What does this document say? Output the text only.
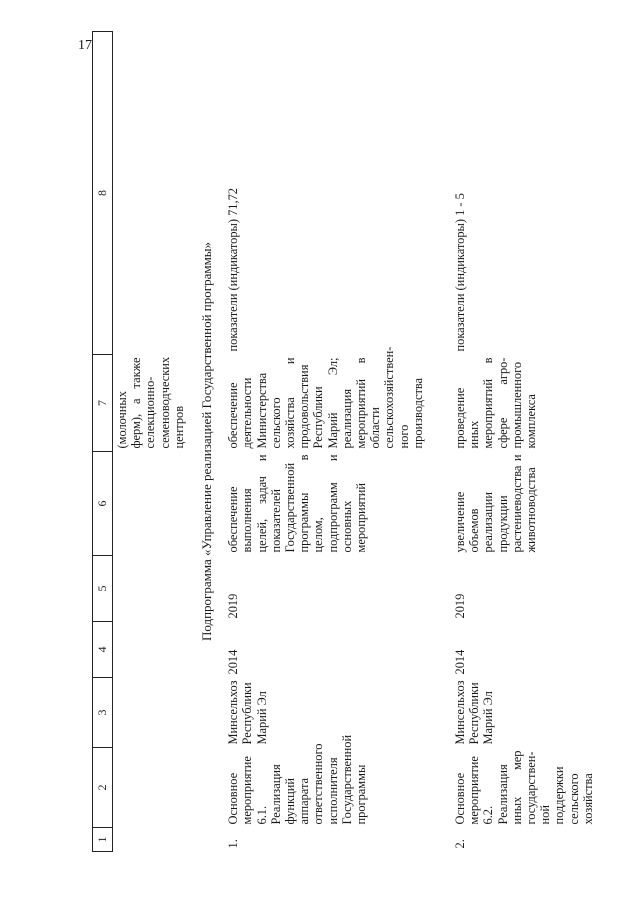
17
1	2	3	4	5	6	7	8
						(молочных ферм), а также селекционно-семеноводческих центров	
Подпрограмма «Управление реализацией Государственной программы»							
1.	Основное мероприятие 6.1. Реализация функций аппарата ответственного исполнителя Государственной программы	Минсельхоз Республики Марий Эл	2014	2019	обеспечение выполнения целей, задач и показателей Государственной программы в целом, подпрограмм и основных мероприятий	обеспечение деятельности Министерства сельского хозяйства и продовольствия Республики Марий Эл; реализация мероприятий в области сельскохозяйствен-ного производства	показатели (индикаторы) 71,72

2.	Основное мероприятие 6.2. Реализация иных мер государствен-ной поддержки сельского хозяйства	Минсельхоз Республики Марий Эл	2014	2019	увеличение объемов реализации продукции растениеводства и животноводства	проведение иных мероприятий в сфере агро-промышленного комплекса	показатели (индикаторы) 1 - 5
